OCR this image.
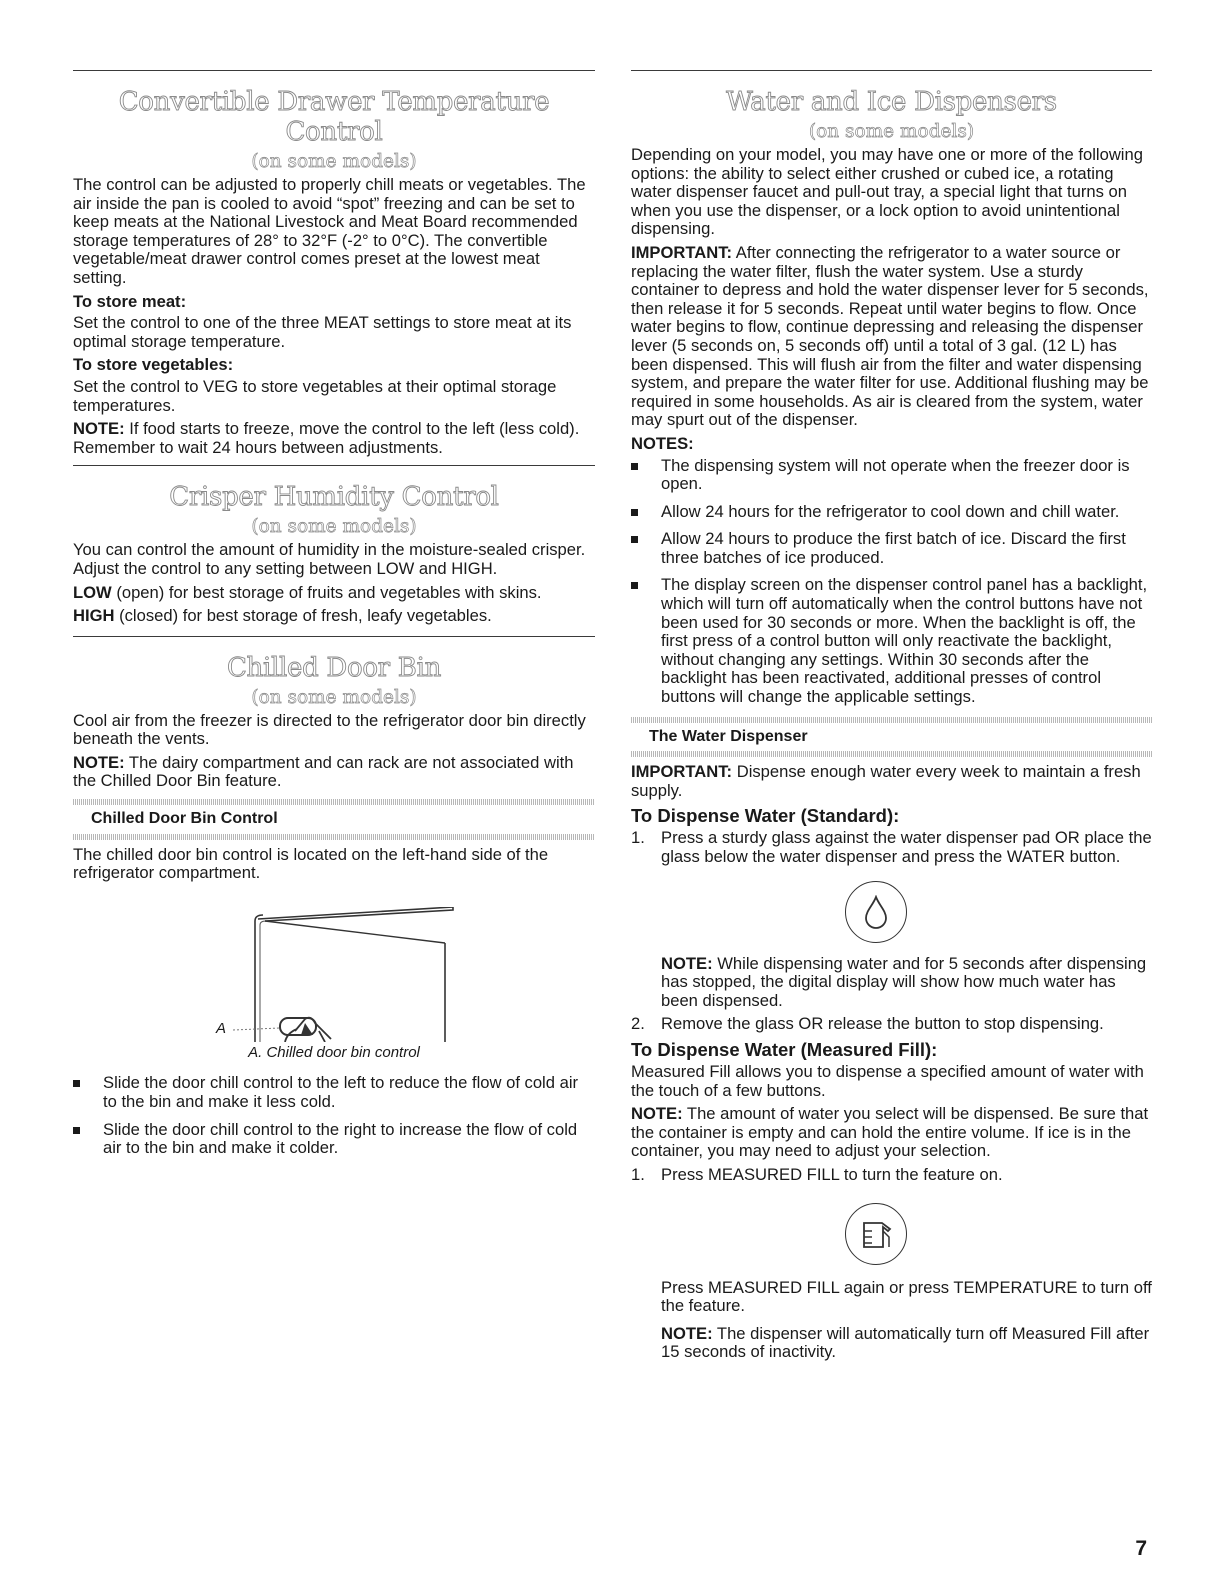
Convertible Drawer Temperature Control
(on some models)

The control can be adjusted to properly chill meats or vegetables. The air inside the pan is cooled to avoid “spot” freezing and can be set to keep meats at the National Livestock and Meat Board recommended storage temperatures of 28° to 32°F (-2° to 0°C). The convertible vegetable/meat drawer control comes preset at the lowest meat setting.

To store meat:

Set the control to one of the three MEAT settings to store meat at its optimal storage temperature.

To store vegetables:

Set the control to VEG to store vegetables at their optimal storage temperatures.

NOTE: If food starts to freeze, move the control to the left (less cold). Remember to wait 24 hours between adjustments.

Crisper Humidity Control
(on some models)

You can control the amount of humidity in the moisture-sealed crisper. Adjust the control to any setting between LOW and HIGH.

LOW (open) for best storage of fruits and vegetables with skins.

HIGH (closed) for best storage of fresh, leafy vegetables.

Chilled Door Bin
(on some models)

Cool air from the freezer is directed to the refrigerator door bin directly beneath the vents.

NOTE: The dairy compartment and can rack are not associated with the Chilled Door Bin feature.

Chilled Door Bin Control

The chilled door bin control is located on the left-hand side of the refrigerator compartment.

A
A. Chilled door bin control
Slide the door chill control to the left to reduce the flow of cold air to the bin and make it less cold.
Slide the door chill control to the right to increase the flow of cold air to the bin and make it colder.
Water and Ice Dispensers
(on some models)

Depending on your model, you may have one or more of the following options: the ability to select either crushed or cubed ice, a rotating water dispenser faucet and pull-out tray, a special light that turns on when you use the dispenser, or a lock option to avoid unintentional dispensing.

IMPORTANT: After connecting the refrigerator to a water source or replacing the water filter, flush the water system. Use a sturdy container to depress and hold the water dispenser lever for 5 seconds, then release it for 5 seconds. Repeat until water begins to flow. Once water begins to flow, continue depressing and releasing the dispenser lever (5 seconds on, 5 seconds off) until a total of 3 gal. (12 L) has been dispensed. This will flush air from the filter and water dispensing system, and prepare the water filter for use. Additional flushing may be required in some households. As air is cleared from the system, water may spurt out of the dispenser.

NOTES:
The dispensing system will not operate when the freezer door is open.
Allow 24 hours for the refrigerator to cool down and chill water.
Allow 24 hours to produce the first batch of ice. Discard the first three batches of ice produced.
The display screen on the dispenser control panel has a backlight, which will turn off automatically when the control buttons have not been used for 30 seconds or more. When the backlight is off, the first press of a control button will only reactivate the backlight, without changing any settings. Within 30 seconds after the backlight has been reactivated, additional presses of control buttons will change the applicable settings.
The Water Dispenser

IMPORTANT: Dispense enough water every week to maintain a fresh supply.

To Dispense Water (Standard):
1. Press a sturdy glass against the water dispenser pad OR place the glass below the water dispenser and press the WATER button.

NOTE: While dispensing water and for 5 seconds after dispensing has stopped, the digital display will show how much water has been dispensed.

2. Remove the glass OR release the button to stop dispensing.
To Dispense Water (Measured Fill):

Measured Fill allows you to dispense a specified amount of water with the touch of a few buttons.

NOTE: The amount of water you select will be dispensed. Be sure that the container is empty and can hold the entire volume. If ice is in the container, you may need to adjust your selection.

1. Press MEASURED FILL to turn the feature on.

Press MEASURED FILL again or press TEMPERATURE to turn off the feature.

NOTE: The dispenser will automatically turn off Measured Fill after 15 seconds of inactivity.

7
